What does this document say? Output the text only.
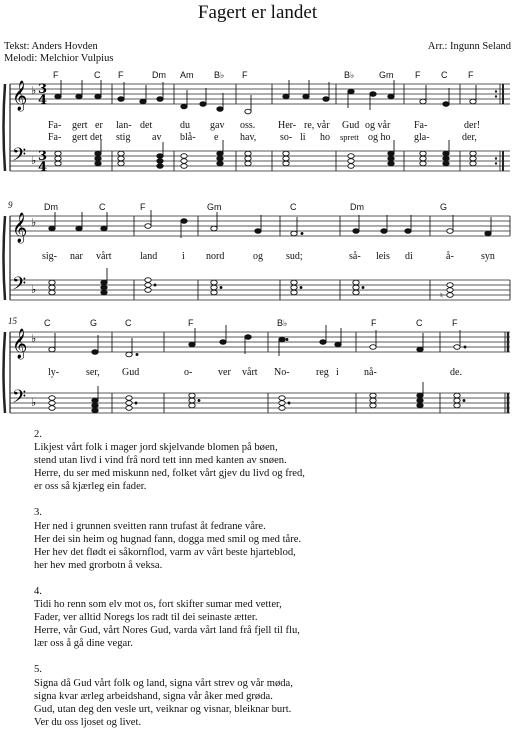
Fagert er landet
Tekst: Anders Hovden
Melodi: Melchior Vulpius
Arr.: Ingunn Seland
F	C F	Dm Am B♭ F	B♭	Gm F C F
𝄞
𝄢
♭
♭
3
4
3
4
Fa- gert er lan- det	du gav oss. Her- re, vår Gud og vår Fa-	der!
Fa- gert det stig av blå- e hav, so- li ho sprett og ho gla-	der,
9	Dm	C	F	Gm	C	Dm	G
𝄞
𝄢
♭
♭	♮
sig- nar vårt	land i nord	og sud;	så- leis di	å-	syn
15	C	G	C	F	B♭	F	C	F
𝄞
𝄢
♭
♭
ly-	ser, Gud	o-	ver vårt No-	reg i	nå-	de.
2.
Likjest vårt folk i mager jord skjelvande blomen på bøen,
stend utan livd i vind frå nord tett inn med kanten av snøen.
Herre, du ser med miskunn ned, folket vårt gjev du livd og fred,
er oss så kjærleg ein fader.
3.
Her ned i grunnen sveitten rann trufast åt fedrane våre.
Her dei sin heim og hugnad fann, dogga med smil og med tåre.
Her hev det flødt ei såkornflod, varm av vårt beste hjarteblod,
her hev med grorbotn å veksa.
4.
Tidi ho renn som elv mot os, fort skifter sumar med vetter,
Fader, ver alltid Noregs los radt til dei seinaste ætter.
Herre, vår Gud, vårt Nores Gud, varda vårt land frå fjell til flu,
lær oss å gå dine vegar.
5.
Signa då Gud vårt folk og land, signa vårt strev og vår møda,
signa kvar ærleg arbeidshand, signa vår åker med grøda.
Gud, utan deg den vesle urt, veiknar og visnar, bleiknar burt.
Ver du oss ljoset og livet.
